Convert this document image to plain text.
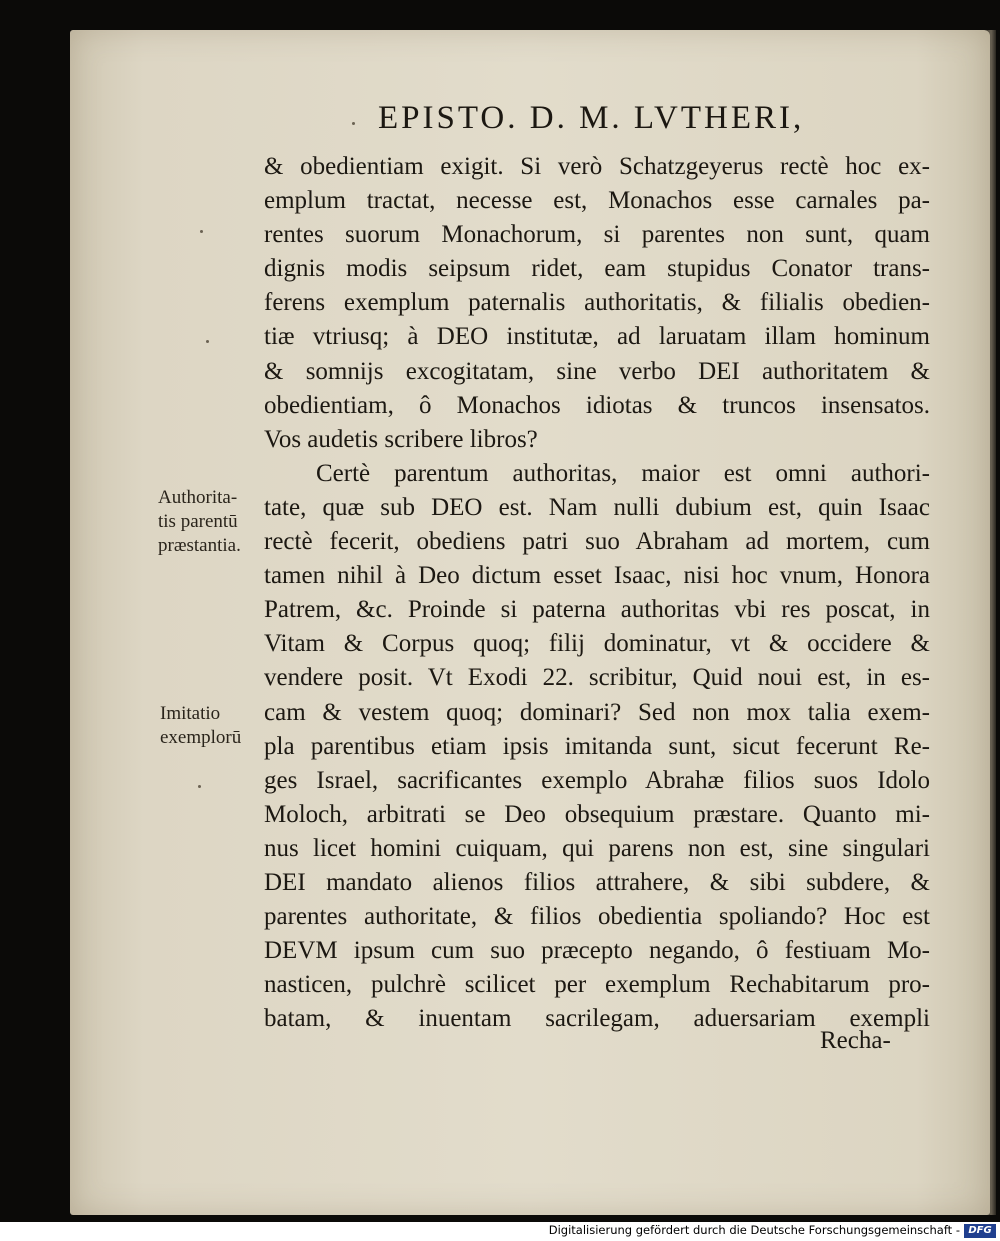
EPISTO. D. M. LVTHERI,
Authorita-
tis parentū
præstantia.
Imitatio
exemplorū
& obedientiam exigit. Si verò Schatzgeyerus rectè hoc ex-
emplum tractat, necesse est, Monachos esse carnales pa-
rentes suorum Monachorum, si parentes non sunt, quam
dignis modis seipsum ridet, eam stupidus Conator trans-
ferens exemplum paternalis authoritatis, & filialis obedien-
tiæ vtriusq; à DEO institutæ, ad laruatam illam hominum
& somnijs excogitatam, sine verbo DEI authoritatem &
obedientiam, ô Monachos idiotas & truncos insensatos.
Vos audetis scribere libros?
Certè parentum authoritas, maior est omni authori-
tate, quæ sub DEO est. Nam nulli dubium est, quin Isaac
rectè fecerit, obediens patri suo Abraham ad mortem, cum
tamen nihil à Deo dictum esset Isaac, nisi hoc vnum, Honora
Patrem, &c. Proinde si paterna authoritas vbi res poscat, in
Vitam & Corpus quoq; filij dominatur, vt & occidere &
vendere posit. Vt Exodi 22. scribitur, Quid noui est, in es-
cam & vestem quoq; dominari? Sed non mox talia exem-
pla parentibus etiam ipsis imitanda sunt, sicut fecerunt Re-
ges Israel, sacrificantes exemplo Abrahæ filios suos Idolo
Moloch, arbitrati se Deo obsequium præstare. Quanto mi-
nus licet homini cuiquam, qui parens non est, sine singulari
DEI mandato alienos filios attrahere, & sibi subdere, &
parentes authoritate, & filios obedientia spoliando? Hoc est
DEVM ipsum cum suo præcepto negando, ô festiuam Mo-
nasticen, pulchrè scilicet per exemplum Rechabitarum pro-
batam, & inuentam sacrilegam, aduersariam exempli
Recha-
Digitalisierung gefördert durch die Deutsche Forschungsgemeinschaft - DFG
